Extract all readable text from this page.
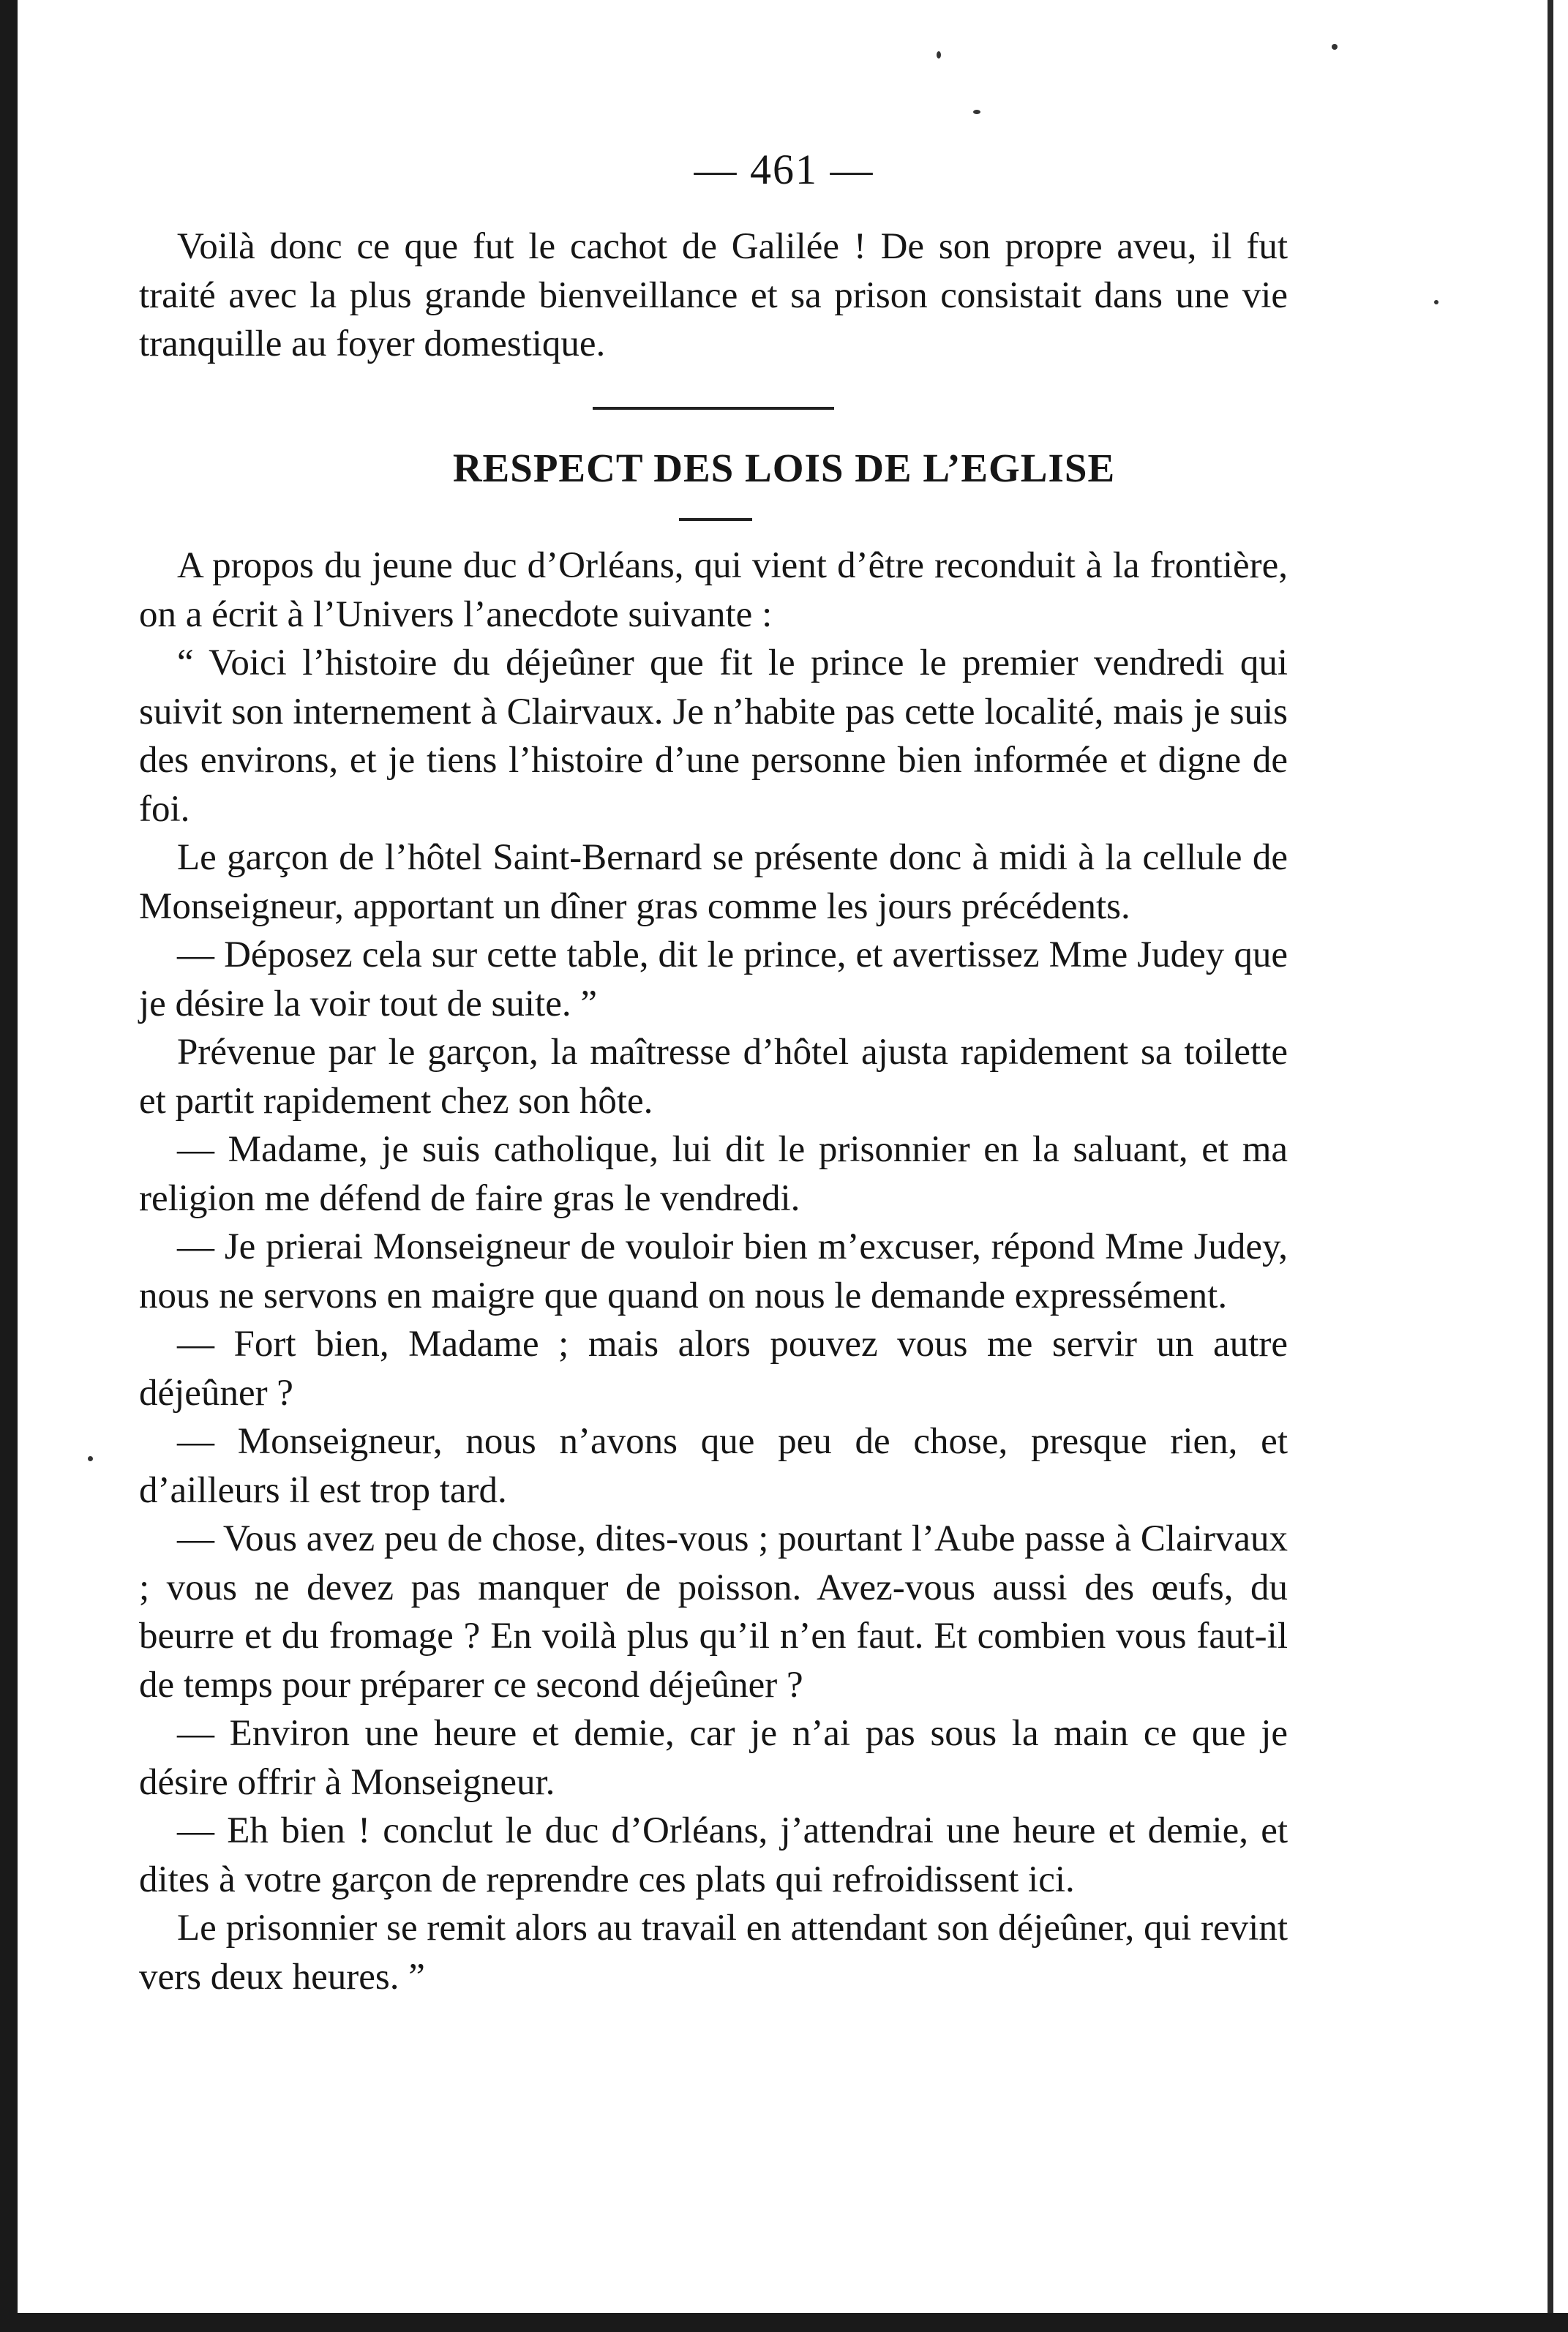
— 461 —

Voilà donc ce que fut le cachot de Galilée ! De son propre aveu, il fut traité avec la plus grande bienveillance et sa prison consistait dans une vie tranquille au foyer domestique.

RESPECT DES LOIS DE L’EGLISE

A propos du jeune duc d’Orléans, qui vient d’être reconduit à la frontière, on a écrit à l’Univers l’anecdote suivante :

“ Voici l’histoire du déjeûner que fit le prince le premier vendredi qui suivit son internement à Clairvaux. Je n’habite pas cette localité, mais je suis des environs, et je tiens l’histoire d’une personne bien informée et digne de foi.

Le garçon de l’hôtel Saint-Bernard se présente donc à midi à la cellule de Monseigneur, apportant un dîner gras comme les jours précédents.

— Déposez cela sur cette table, dit le prince, et avertissez Mme Judey que je désire la voir tout de suite. ”

Prévenue par le garçon, la maîtresse d’hôtel ajusta rapidement sa toilette et partit rapidement chez son hôte.

— Madame, je suis catholique, lui dit le prisonnier en la saluant, et ma religion me défend de faire gras le vendredi.

— Je prierai Monseigneur de vouloir bien m’excuser, répond Mme Judey, nous ne servons en maigre que quand on nous le demande expressément.

— Fort bien, Madame ; mais alors pouvez vous me servir un autre déjeûner ?

— Monseigneur, nous n’avons que peu de chose, presque rien, et d’ailleurs il est trop tard.

— Vous avez peu de chose, dites-vous ; pourtant l’Aube passe à Clairvaux ; vous ne devez pas manquer de poisson. Avez-vous aussi des œufs, du beurre et du fromage ? En voilà plus qu’il n’en faut. Et combien vous faut-il de temps pour préparer ce second déjeûner ?

— Environ une heure et demie, car je n’ai pas sous la main ce que je désire offrir à Monseigneur.

— Eh bien ! conclut le duc d’Orléans, j’attendrai une heure et demie, et dites à votre garçon de reprendre ces plats qui refroidissent ici.

Le prisonnier se remit alors au travail en attendant son déjeûner, qui revint vers deux heures. ”
